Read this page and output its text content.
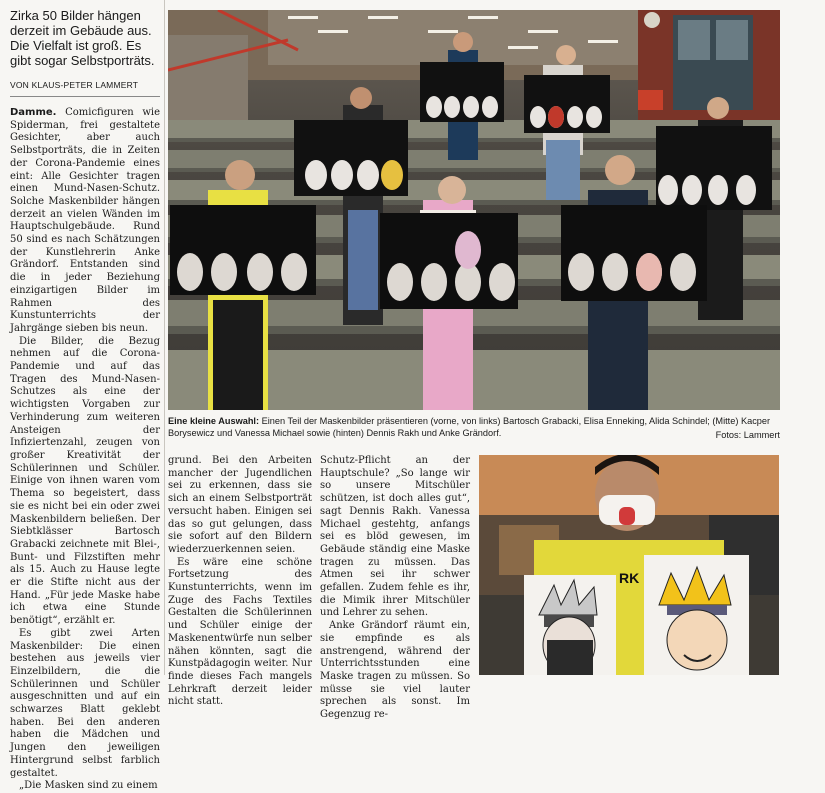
Zirka 50 Bilder hängen derzeit im Gebäude aus. Die Vielfalt ist groß. Es gibt sogar Selbstporträts.

VON KLAUS-PETER LAMMERT

Damme. Comicfiguren wie Spiderman, frei gestaltete Gesichter, aber auch Selbstporträts, die in Zeiten der Corona-Pandemie eines eint: Alle Gesichter tragen einen Mund-Nasen-Schutz. Solche Maskenbilder hängen derzeit an vielen Wänden im Hauptschulgebäude. Rund 50 sind es nach Schätzungen der Kunstlehrerin Anke Grändorf. Entstanden sind die in jeder Beziehung einzigartigen Bilder im Rahmen des Kunstunterrichts der Jahrgänge sieben bis neun.

Die Bilder, die Bezug nehmen auf die Corona-Pandemie und auf das Tragen des Mund-Nasen-Schutzes als eine der wichtigsten Vorgaben zur Verhinderung zum weiteren Ansteigen der Infiziertenzahl, zeugen von großer Kreativität der Schülerinnen und Schüler. Einige von ihnen waren vom Thema so begeistert, dass sie es nicht bei ein oder zwei Maskenbildern beließen. Der Siebtklässer Bartosch Grabacki zeichnete mit Blei-, Bunt- und Filzstiften mehr als 15. Auch zu Hause legte er die Stifte nicht aus der Hand. „Für jede Maske habe ich etwa eine Stunde benötigt“, erzählt er.

Es gibt zwei Arten Maskenbilder: Die einen bestehen aus jeweils vier Einzelbildern, die die Schülerinnen und Schüler ausgeschnitten und auf ein schwarzes Blatt geklebt haben. Bei den anderen haben die Mädchen und Jungen den jeweiligen Hintergrund selbst farblich gestaltet.

„Die Masken sind zu einem

Eine kleine Auswahl: Einen Teil der Maskenbilder präsentieren (vorne, von links) Bartosch Grabacki, Elisa Enneking, Alida Schindel; (Mitte) Kacper Borysewicz und Vanessa Michael sowie (hinten) Dennis Rakh und Anke Grändorf.	Fotos: Lammert

grund. Bei den Arbeiten mancher der Jugendlichen sei zu erkennen, dass sie sich an einem Selbstporträt versucht haben. Einigen sei das so gut gelungen, dass sie sofort auf den Bildern wiederzuerkennen seien.

Es wäre eine schöne Fortsetzung des Kunstunterrichts, wenn im Zuge des Fachs Textiles Gestalten die Schülerinnen und Schüler einige der Maskenentwürfe nun selber nähen könnten, sagt die Kunstpädagogin weiter. Nur finde dieses Fach mangels Lehrkraft derzeit leider nicht statt.

Schutz-Pflicht an der Hauptschule? „So lange wir so unsere Mitschüler schützen, ist doch alles gut“, sagt Dennis Rakh. Vanessa Michael gestehtg, anfangs sei es blöd gewesen, im Gebäude ständig eine Maske tragen zu müssen. Das Atmen sei ihr schwer gefallen. Zudem fehle es ihr, die Mimik ihrer Mitschüler und Lehrer zu sehen.

Anke Grändorf räumt ein, sie empfinde es als anstrengend, während der Unterrichtsstunden eine Maske tragen zu müssen. So müsse sie viel lauter sprechen als sonst. Im Gegenzug re-

RK
